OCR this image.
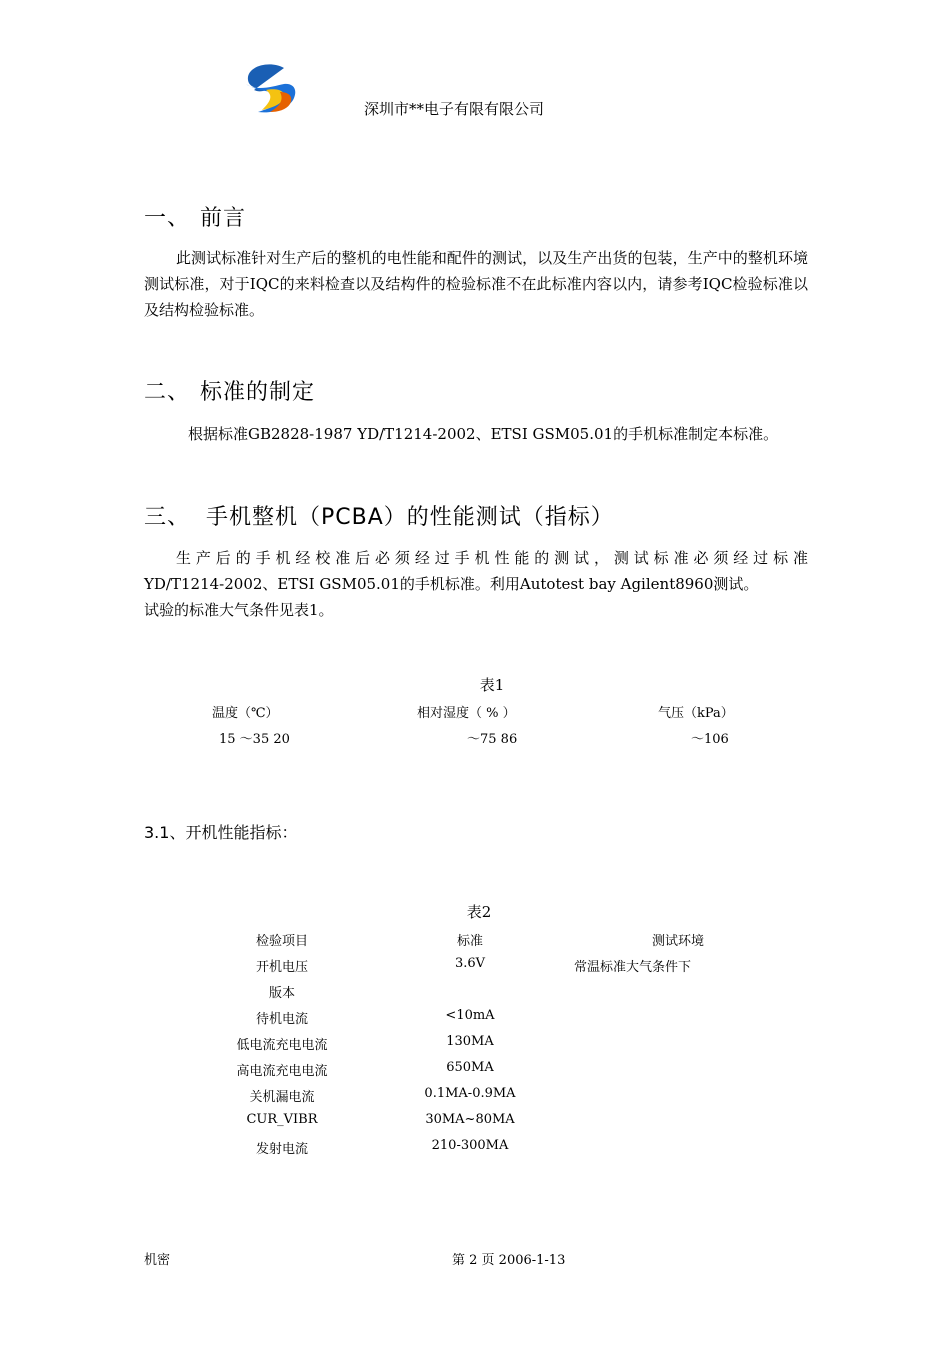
深圳市**电子有限有限公司
一、 前言

此测试标准针对生产后的整机的电性能和配件的测试，以及生产出货的包装，生产中的整机环境测试标准，对于IQC的来料检查以及结构件的检验标准不在此标准内容以内，请参考IQC检验标准以及结构检验标准。

二、 标准的制定

根据标准GB2828-1987 YD/T1214-2002、ETSI GSM05.01的手机标准制定本标准。

三、 手机整机（PCBA）的性能测试（指标）
生产后的手机经校准后必须经过手机性能的测试，测试标准必须经过标准
YD/T1214-2002、ETSI GSM05.01的手机标准。利用Autotest bay Agilent8960测试。
试验的标准大气条件见表1。
表1
温度（℃）	相对湿度（ % ）	气压（kPa）
15 ～35 20	～75 86	～106
3.1、开机性能指标：
表2
检验项目	标准	测试环境
开机电压	3.6V	常温标准大气条件下
版本
待机电流	<10mA
低电流充电电流	130MA
高电流充电电流	650MA
关机漏电流	0.1MA-0.9MA
CUR_VIBR	30MA~80MA
发射电流	210-300MA
机密	第 2 页 2006-1-13
